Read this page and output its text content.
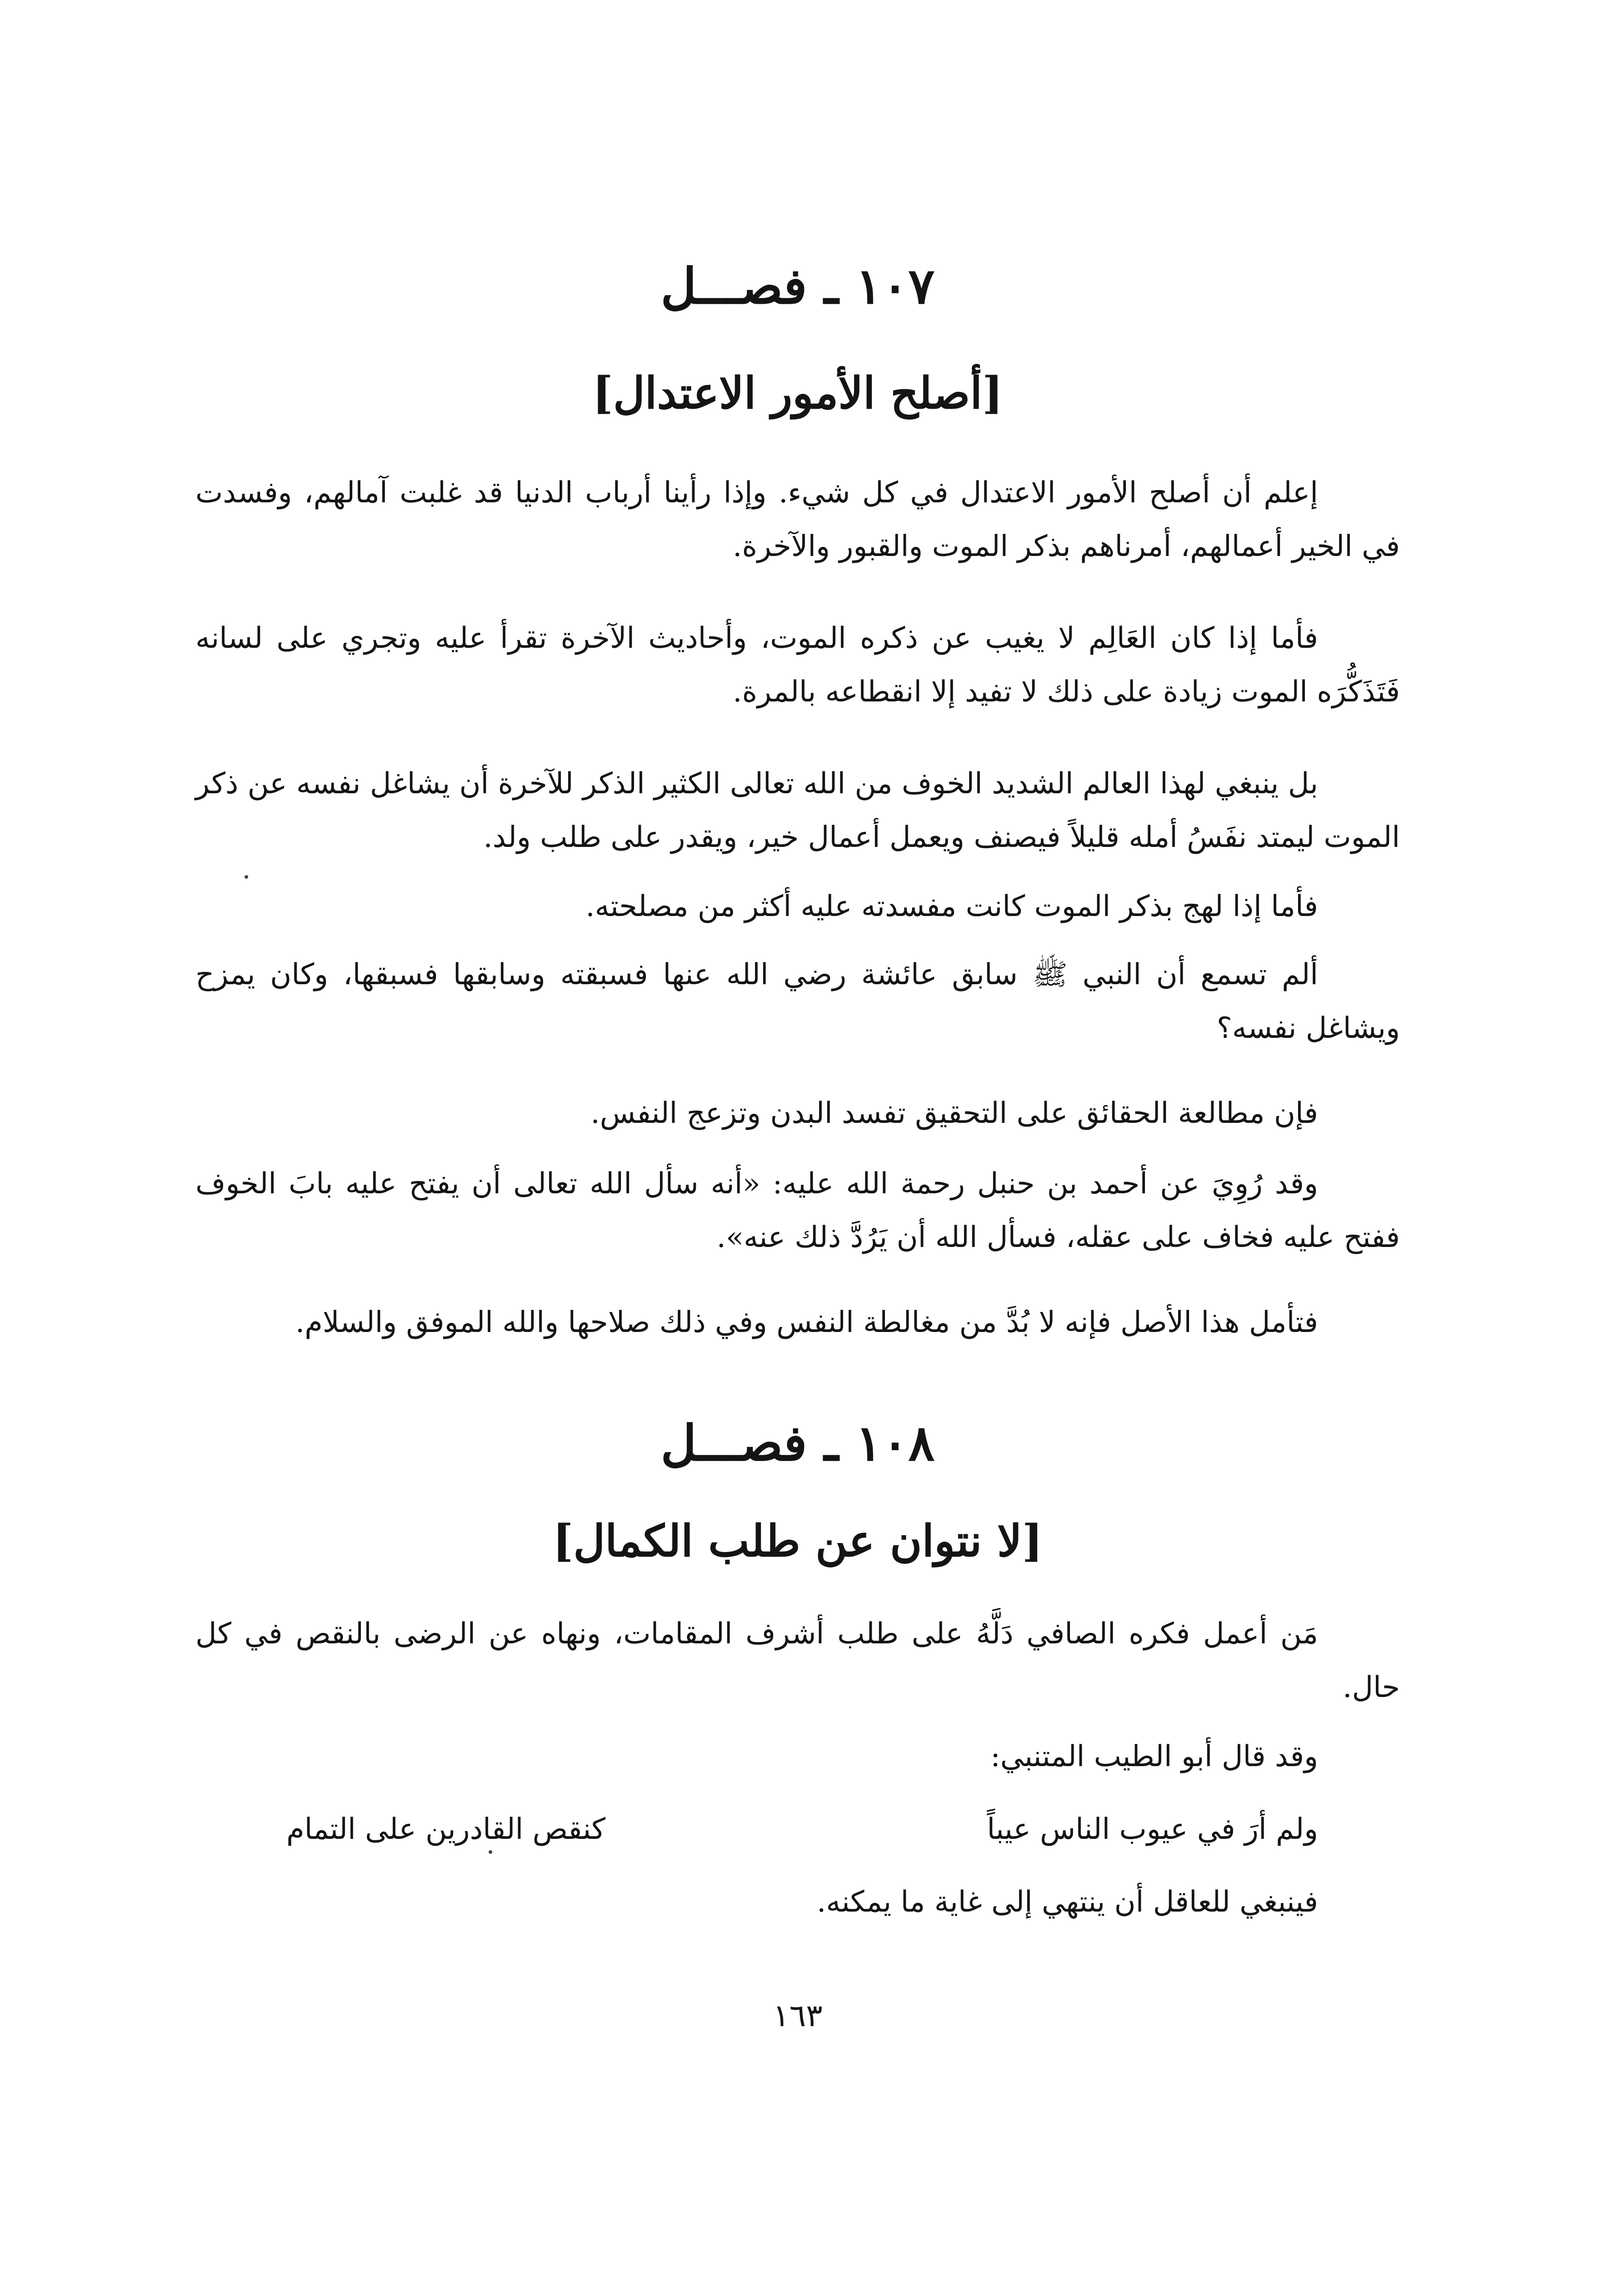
١٠٧ ـ فصـــل
[أصلح الأمور الاعتدال]

إعلم أن أصلح الأمور الاعتدال في كل شيء. وإذا رأينا أرباب الدنيا قد غلبت آمالهم، وفسدت في الخير أعمالهم، أمرناهم بذكر الموت والقبور والآخرة.

فأما إذا كان العَالِم لا يغيب عن ذكره الموت، وأحاديث الآخرة تقرأ عليه وتجري على لسانه فَتَذَكُّرَه الموت زيادة على ذلك لا تفيد إلا انقطاعه بالمرة.

بل ينبغي لهذا العالم الشديد الخوف من الله تعالى الكثير الذكر للآخرة أن يشاغل نفسه عن ذكر الموت ليمتد نفَسُ أمله قليلاً فيصنف ويعمل أعمال خير، ويقدر على طلب ولد.

فأما إذا لهج بذكر الموت كانت مفسدته عليه أكثر من مصلحته.

ألم تسمع أن النبي ﷺ سابق عائشة رضي الله عنها فسبقته وسابقها فسبقها، وكان يمزح ويشاغل نفسه؟

فإن مطالعة الحقائق على التحقيق تفسد البدن وتزعج النفس.

وقد رُوِيَ عن أحمد بن حنبل رحمة الله عليه: «أنه سأل الله تعالى أن يفتح عليه بابَ الخوف ففتح عليه فخاف على عقله، فسأل الله أن يَرُدَّ ذلك عنه».

فتأمل هذا الأصل فإنه لا بُدَّ من مغالطة النفس وفي ذلك صلاحها والله الموفق والسلام.

١٠٨ ـ فصـــل
[لا نتوان عن طلب الكمال]

مَن أعمل فكره الصافي دَلَّهُ على طلب أشرف المقامات، ونهاه عن الرضى بالنقص في كل حال.

وقد قال أبو الطيب المتنبي:

ولم أرَ في عيوب الناس عيباً
كنقص القادرين على التمام

فينبغي للعاقل أن ينتهي إلى غاية ما يمكنه.

١٦٣
